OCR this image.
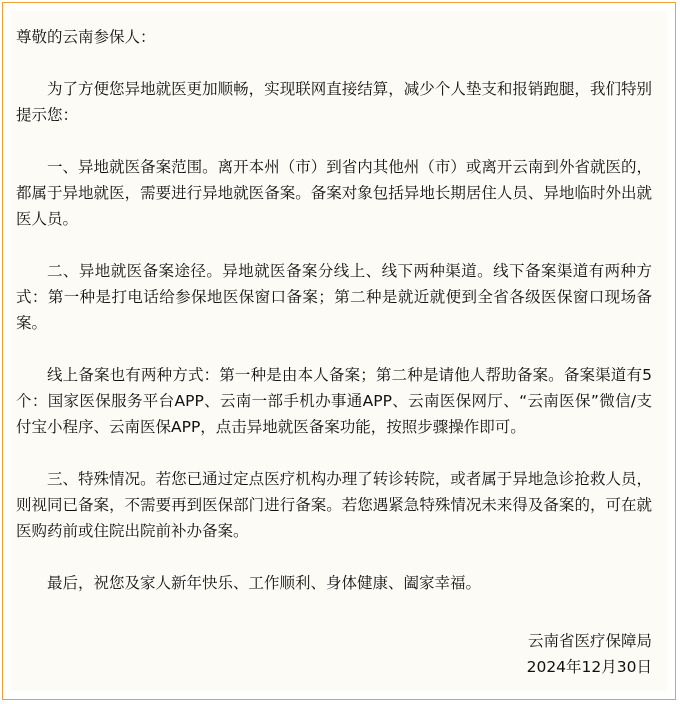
尊敬的云南参保人：

为了方便您异地就医更加顺畅，实现联网直接结算，减少个人垫支和报销跑腿，我们特别提示您：

一、异地就医备案范围。离开本州（市）到省内其他州（市）或离开云南到外省就医的，都属于异地就医，需要进行异地就医备案。备案对象包括异地长期居住人员、异地临时外出就医人员。

二、异地就医备案途径。异地就医备案分线上、线下两种渠道。线下备案渠道有两种方式：第一种是打电话给参保地医保窗口备案；第二种是就近就便到全省各级医保窗口现场备案。

线上备案也有两种方式：第一种是由本人备案；第二种是请他人帮助备案。备案渠道有5个：国家医保服务平台APP、云南一部手机办事通APP、云南医保网厅、“云南医保”微信/支付宝小程序、云南医保APP，点击异地就医备案功能，按照步骤操作即可。

三、特殊情况。若您已通过定点医疗机构办理了转诊转院，或者属于异地急诊抢救人员，则视同已备案，不需要再到医保部门进行备案。若您遇紧急特殊情况未来得及备案的，可在就医购药前或住院出院前补办备案。

最后，祝您及家人新年快乐、工作顺利、身体健康、阖家幸福。

云南省医疗保障局
2024年12月30日
